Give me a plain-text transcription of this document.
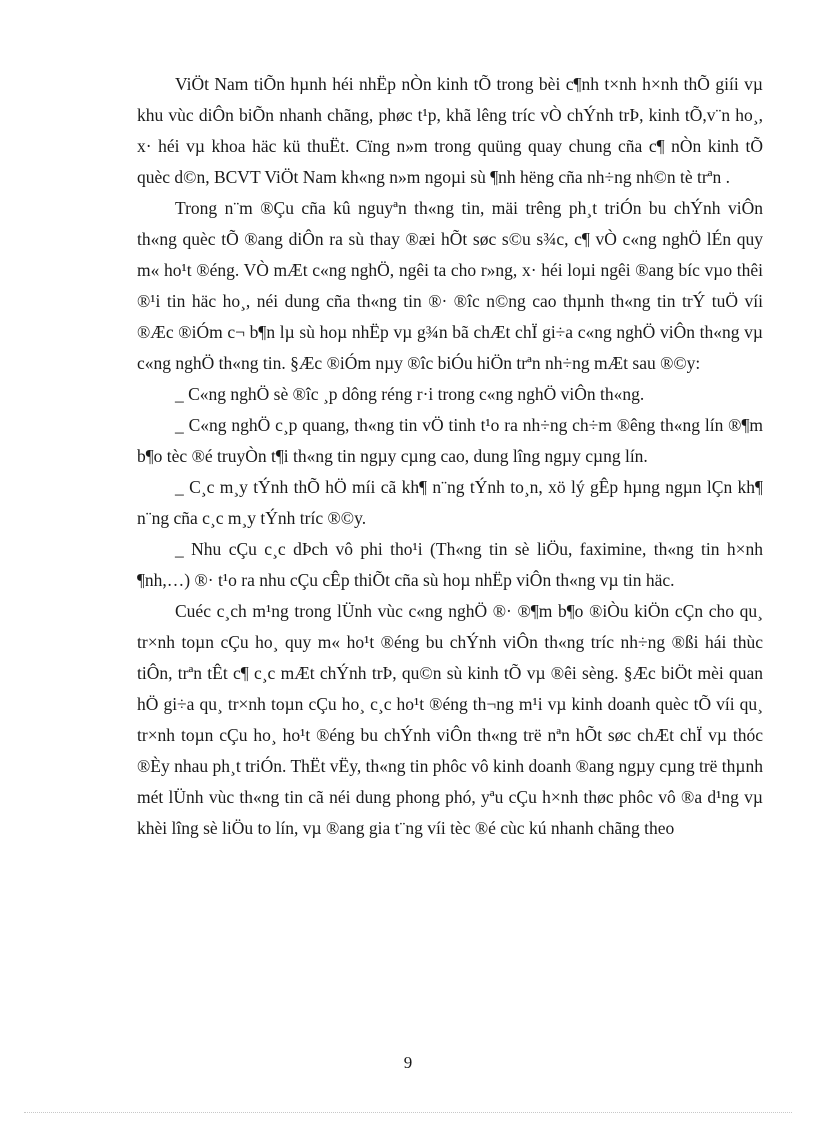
ViÖt Nam tiÕn hµnh héi nhËp nÒn kinh tÕ trong bèi c¶nh t×nh h×nh thÕ giíi vµ khu vùc diÔn biÕn nhanh chãng, phøc t¹p, khã lêng tríc vÒ chÝnh trÞ, kinh tÕ,v¨n ho¸, x· héi vµ khoa häc kü thuËt. Cïng n»m trong quüng quay chung cña c¶ nÒn kinh tÕ quèc d©n, BCVT ViÖt Nam kh«ng n»m ngoµi sù ¶nh hëng cña nh÷ng nh©n tè trªn .

Trong n¨m ®Çu cña kû nguyªn th«ng tin, mäi trêng ph¸t triÓn bu chÝnh viÔn th«ng quèc tÕ ®ang diÔn ra sù thay ®æi hÕt søc s©u s¾c, c¶ vÒ c«ng nghÖ lÉn quy m« ho¹t ®éng. VÒ mÆt c«ng nghÖ, ngêi ta cho r»ng, x· héi loµi ngêi ®ang bíc vµo thêi ®¹i tin häc ho¸, néi dung cña th«ng tin ®· ®îc n©ng cao thµnh th«ng tin trÝ tuÖ víi ®Æc ®iÓm c¬ b¶n lµ sù hoµ nhËp vµ g¾n bã chÆt chÏ gi÷a c«ng nghÖ viÔn th«ng vµ c«ng nghÖ th«ng tin. §Æc ®iÓm nµy ®îc biÓu hiÖn trªn nh÷ng mÆt sau ®©y:

_ C«ng nghÖ sè ®îc ¸p dông réng r·i trong c«ng nghÖ viÔn th«ng.

_ C«ng nghÖ c¸p quang, th«ng tin vÖ tinh t¹o ra nh÷ng ch÷m ®êng th«ng lín ®¶m b¶o tèc ®é truyÒn t¶i th«ng tin ngµy cµng cao, dung lîng ngµy cµng lín.

_ C¸c m¸y tÝnh thÕ hÖ míi cã kh¶ n¨ng tÝnh to¸n, xö lý gÊp hµng ngµn lÇn kh¶ n¨ng cña c¸c m¸y tÝnh tríc ®©y.

_ Nhu cÇu c¸c dÞch vô phi tho¹i (Th«ng tin sè liÖu, faximine, th«ng tin h×nh ¶nh,…) ®· t¹o ra nhu cÇu cÊp thiÕt cña sù hoµ nhËp viÔn th«ng vµ tin häc.

Cuéc c¸ch m¹ng trong lÜnh vùc c«ng nghÖ ®· ®¶m b¶o ®iÒu kiÖn cÇn cho qu¸ tr×nh toµn cÇu ho¸ quy m« ho¹t ®éng bu chÝnh viÔn th«ng tríc nh÷ng ®ßi hái thùc tiÔn, trªn tÊt c¶ c¸c mÆt chÝnh trÞ, qu©n sù kinh tÕ vµ ®êi sèng. §Æc biÖt mèi quan hÖ gi÷a qu¸ tr×nh toµn cÇu ho¸ c¸c ho¹t ®éng th¬ng m¹i vµ kinh doanh quèc tÕ víi qu¸ tr×nh toµn cÇu ho¸ ho¹t ®éng bu chÝnh viÔn th«ng trë nªn hÕt søc chÆt chÏ vµ thóc ®Èy nhau ph¸t triÓn. ThËt vËy, th«ng tin phôc vô kinh doanh ®ang ngµy cµng trë thµnh mét lÜnh vùc th«ng tin cã néi dung phong phó, yªu cÇu h×nh thøc phôc vô ®a d¹ng vµ khèi lîng sè liÖu to lín, vµ ®ang gia t¨ng víi tèc ®é cùc kú nhanh chãng theo

9
